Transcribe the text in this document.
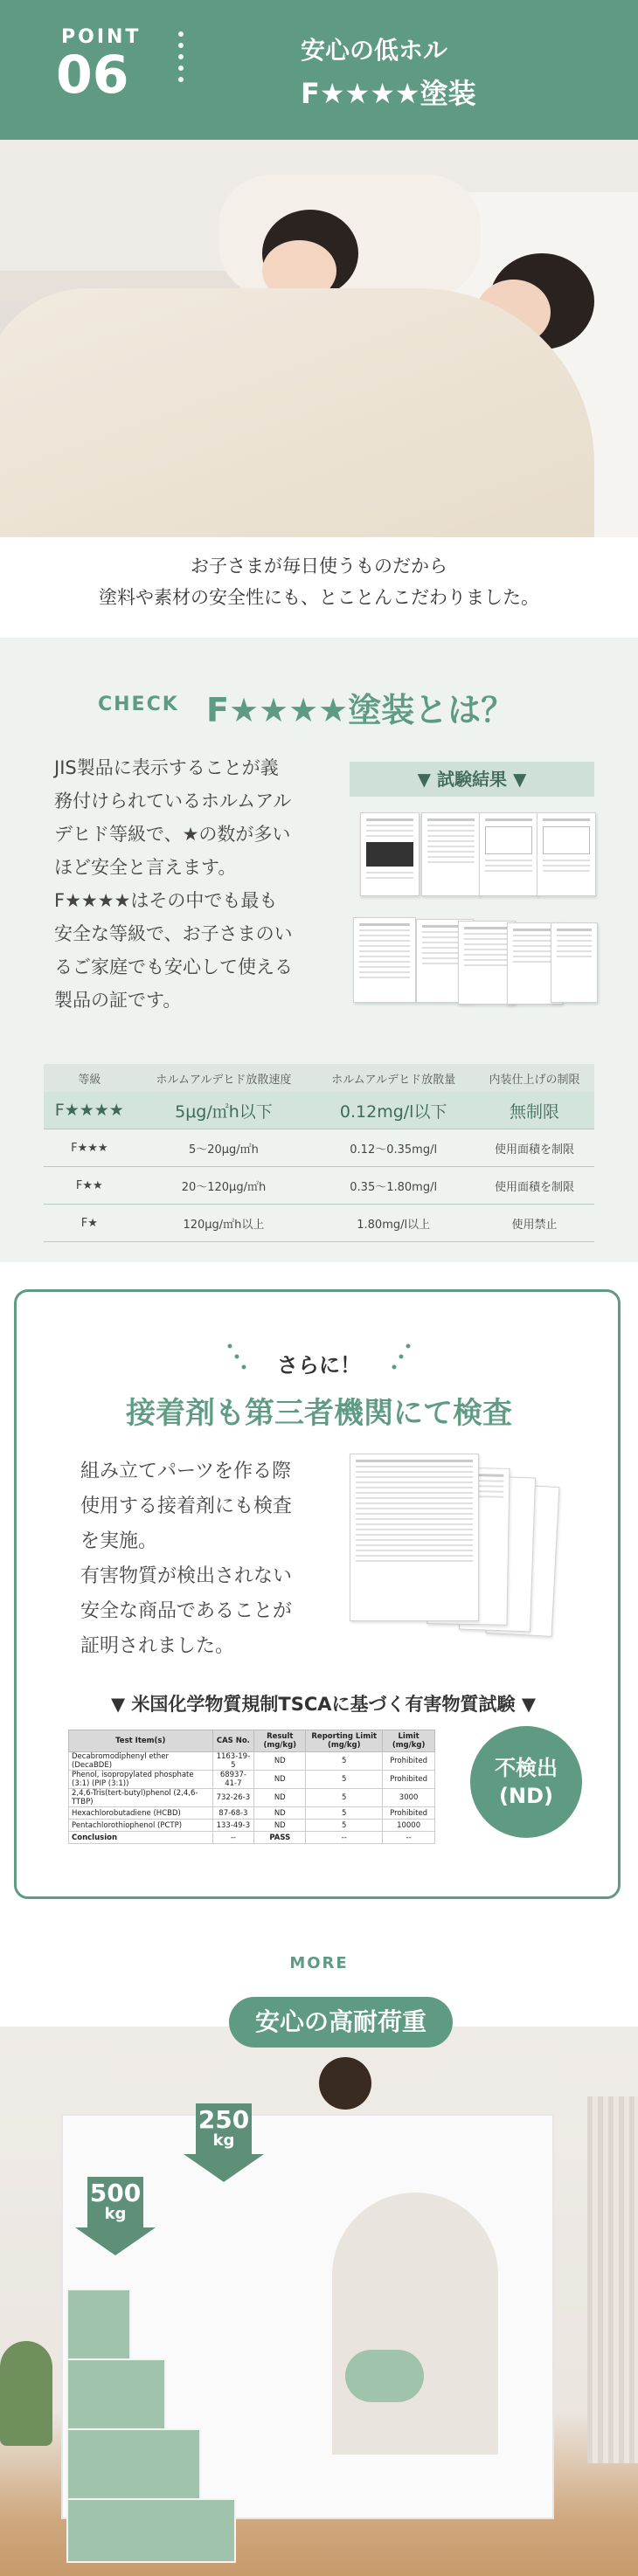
POINT
06	安心の低ホル
F★★★★塗装
お子さまが毎日使うものだから
塗料や素材の安全性にも、とことんこだわりました。
CHECK F★★★★塗装とは？
JIS製品に表示することが義
務付けられているホルムアル
デヒド等級で、★の数が多い
ほど安全と言えます。
F★★★★はその中でも最も
安全な等級で、お子さまのい
るご家庭でも安心して使える
製品の証です。
▼ 試験結果 ▼
等級	ホルムアルデヒド放散速度	ホルムアルデヒド放散量	内装仕上げの制限
F★★★★	5μg/㎡h以下	0.12mg/l以下	無制限
F★★★	5～20μg/㎡h	0.12～0.35mg/l	使用面積を制限
F★★	20～120μg/㎡h	0.35～1.80mg/l	使用面積を制限
F★	120μg/㎡h以上	1.80mg/l以上	使用禁止
さらに！
接着剤も第三者機関にて検査
組み立てパーツを作る際
使用する接着剤にも検査
を実施。
有害物質が検出されない
安全な商品であることが
証明されました。
▼ 米国化学物質規制TSCAに基づく有害物質試験 ▼
Test Item(s)	CAS No.	Result (mg/kg)	Reporting Limit (mg/kg)	Limit (mg/kg)
Decabromodiphenyl ether (DecaBDE)	1163-19-5	ND	5	Prohibited
Phenol, isopropylated phosphate (3:1) (PIP (3:1))	68937-41-7	ND	5	Prohibited
2,4,6-Tris(tert-butyl)phenol (2,4,6-TTBP)	732-26-3	ND	5	3000
Hexachlorobutadiene (HCBD)	87-68-3	ND	5	Prohibited
Pentachlorothiophenol (PCTP)	133-49-3	ND	5	10000
Conclusion	--	PASS	--	--
不検出
(ND)
MORE
安心の高耐荷重
250
kg
500
kg
